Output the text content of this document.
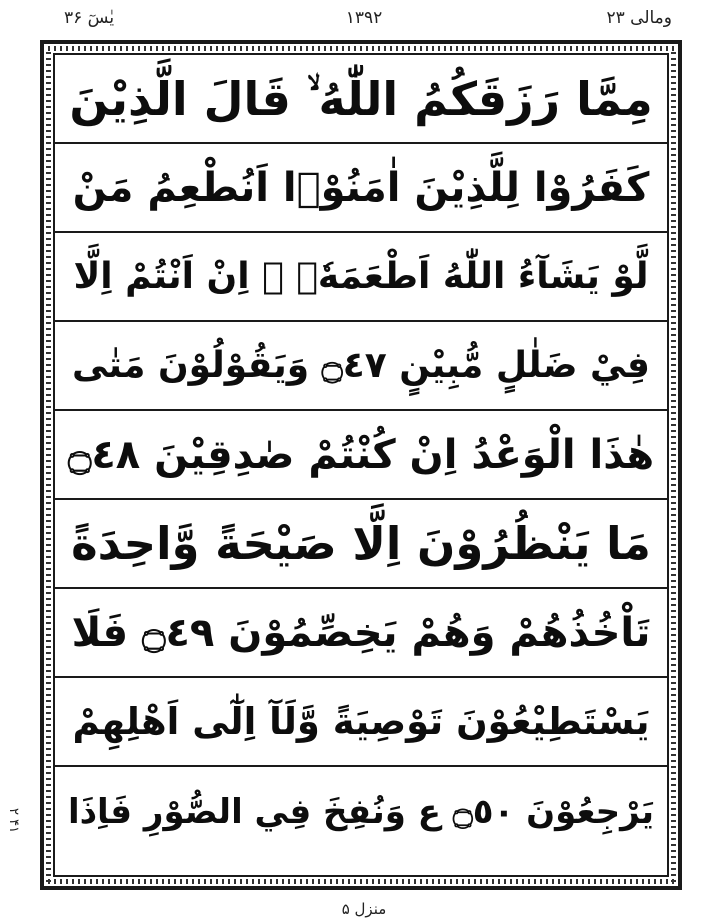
یٰسٓ ۳۶	۱۳۹۲	ومالی ۲۳
مِمَّا رَزَقَكُمُ اللّٰهُ ۙ قَالَ الَّذِيْنَ
كَفَرُوْا لِلَّذِيْنَ اٰمَنُوْۤا اَنُطْعِمُ مَنْ
لَّوْ يَشَآءُ اللّٰهُ اَطْعَمَهٗۤ ۖ اِنْ اَنْتُمْ اِلَّا
فِيْ ضَلٰلٍ مُّبِيْنٍ ۝٤٧ وَيَقُوْلُوْنَ مَتٰى
هٰذَا الْوَعْدُ اِنْ كُنْتُمْ صٰدِقِيْنَ ۝٤٨
مَا يَنْظُرُوْنَ اِلَّا صَيْحَةً وَّاحِدَةً
تَاْخُذُهُمْ وَهُمْ يَخِصِّمُوْنَ ۝٤٩ فَلَا
يَسْتَطِيْعُوْنَ تَوْصِيَةً وَّلَآ اِلٰٓى اَهْلِهِمْ
يَرْجِعُوْنَ ۝٥٠ ع وَنُفِخَ فِي الصُّوْرِ فَاِذَا
۴۱ ۲
منزل ۵
